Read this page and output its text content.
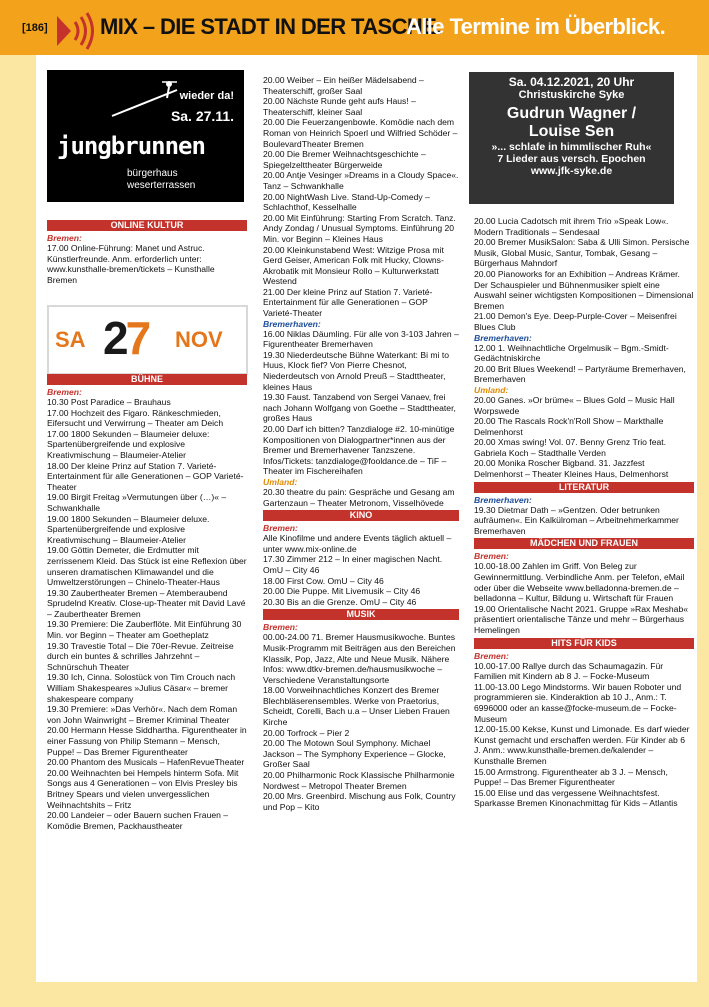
[186] MIX – DIE STADT IN DER TASCHE.
Alle Termine im Überblick.
wieder da!
Sa. 27.11.
jungbrunnen
bürgerhaus
weserterrassen
Sa. 04.12.2021, 20 Uhr
Christuskirche Syke
Gudrun Wagner /
Louise Sen
»... schlafe in himmlischer Ruh«
7 Lieder aus versch. Epochen
www.jfk-syke.de
SA 27 NOV
ONLINE KULTUR
Bremen:

17.00 Online-Führung: Manet und Astruc. Künstlerfreunde. Anm. erforderlich unter: www.kunsthalle-bremen/tickets – Kunsthalle Bremen

BÜHNE
Bremen:

10.30 Post Paradice – Brauhaus

17.00 Hochzeit des Figaro. Ränkeschmieden, Eifersucht und Verwirrung – Theater am Deich

17.00 1800 Sekunden – Blaumeier deluxe: Spartenübergreifende und explosive Kreativmischung – Blaumeier-Atelier

18.00 Der kleine Prinz auf Station 7. Varieté-Entertainment für alle Generationen – GOP Varieté-Theater

19.00 Birgit Freitag »Vermutungen über (…)« – Schwankhalle

19.00 1800 Sekunden – Blaumeier deluxe. Spartenübergreifende und explosive Kreativmischung – Blaumeier-Atelier

19.00 Göttin Demeter, die Erdmutter mit zerrissenem Kleid. Das Stück ist eine Reflexion über unseren dramatischen Klimawandel und die Umweltzerstörungen – Chinelo-Theater-Haus

19.30 Zaubertheater Bremen – Atemberaubend Sprudelnd Kreativ. Close-up-Theater mit David Lavé – Zaubertheater Bremen

19.30 Premiere: Die Zauberflöte. Mit Einführung 30 Min. vor Beginn – Theater am Goetheplatz

19.30 Travestie Total – Die 70er-Revue. Zeitreise durch ein buntes & schrilles Jahrzehnt – Schnürschuh Theater

19.30 Ich, Cinna. Solostück von Tim Crouch nach William Shakespeares »Julius Cäsar« – bremer shakespeare company

19.30 Premiere: »Das Verhör«. Nach dem Roman von John Wainwright – Bremer Kriminal Theater

20.00 Hermann Hesse Siddhartha. Figurentheater in einer Fassung von Philip Stemann – Mensch, Puppe! – Das Bremer Figurentheater

20.00 Phantom des Musicals – HafenRevueTheater

20.00 Weihnachten bei Hempels hinterm Sofa. Mit Songs aus 4 Generationen – von Elvis Presley bis Britney Spears und vielen unvergesslichen Weihnachtshits – Fritz

20.00 Landeier – oder Bauern suchen Frauen – Komödie Bremen, Packhaustheater

20.00 Weiber – Ein heißer Mädelsabend – Theaterschiff, großer Saal

20.00 Nächste Runde geht aufs Haus! – Theaterschiff, kleiner Saal

20.00 Die Feuerzangenbowle. Komödie nach dem Roman von Heinrich Spoerl und Wilfried Schöder – BoulevardTheater Bremen

20.00 Die Bremer Weihnachtsgeschichte – Spiegelzelttheater Bürgerweide

20.00 Antje Vesinger »Dreams in a Cloudy Space«. Tanz – Schwankhalle

20.00 NightWash Live. Stand-Up-Comedy – Schlachthof, Kesselhalle

20.00 Mit Einführung: Starting From Scratch. Tanz. Andy Zondag / Unusual Symptoms. Einführung 20 Min. vor Beginn – Kleines Haus

20.00 Kleinkunstabend West: Witzige Prosa mit Gerd Geiser, American Folk mit Hucky, Clowns-Akrobatik mit Monsieur Rollo – Kulturwerkstatt Westend

21.00 Der kleine Prinz auf Station 7. Varieté-Entertainment für alle Generationen – GOP Varieté-Theater

Bremerhaven:

16.00 Niklas Däumling. Für alle von 3-103 Jahren – Figurentheater Bremerhaven

19.30 Niederdeutsche Bühne Waterkant: Bi mi to Huus, Klock fief? Von Pierre Chesnot, Niederdeutsch von Arnold Preuß – Stadttheater, kleines Haus

19.30 Faust. Tanzabend von Sergei Vanaev, frei nach Johann Wolfgang von Goethe – Stadttheater, großes Haus

20.00 Darf ich bitten? Tanzdialoge #2. 10-minütige Kompositionen von Dialogpartner*innen aus der Bremer und Bremerhavener Tanzszene. Infos/Tickets: tanzdialoge@fooldance.de – TiF – Theater im Fischereihafen

Umland:

20.30 theatre du pain: Gespräche und Gesang am Gartenzaun – Theater Metronom, Visselhövede

KINO
Bremen:

Alle Kinofilme und andere Events täglich aktuell – unter www.mix-online.de

17.30 Zimmer 212 – In einer magischen Nacht. OmU – City 46

18.00 First Cow. OmU – City 46

20.00 Die Puppe. Mit Livemusik – City 46

20.30 Bis an die Grenze. OmU – City 46

MUSIK
Bremen:

00.00-24.00 71. Bremer Hausmusikwoche. Buntes Musik-Programm mit Beiträgen aus den Bereichen Klassik, Pop, Jazz, Alte und Neue Musik. Nähere Infos: www.dtkv-bremen.de/hausmusikwoche – Verschiedene Veranstaltungsorte

18.00 Vorweihnachtliches Konzert des Bremer Blechbläserensembles. Werke von Praetorius, Scheidt, Corelli, Bach u.a – Unser Lieben Frauen Kirche

20.00 Torfrock – Pier 2

20.00 The Motown Soul Symphony. Michael Jackson – The Symphony Experience – Glocke, Großer Saal

20.00 Philharmonic Rock Klassische Philharmonie Nordwest – Metropol Theater Bremen

20.00 Mrs. Greenbird. Mischung aus Folk, Country und Pop – Kito

20.00 Lucia Cadotsch mit ihrem Trio »Speak Low«. Modern Traditionals – Sendesaal

20.00 Bremer MusikSalon: Saba & Ulli Simon. Persische Musik, Global Music, Santur, Tombak, Gesang – Bürgerhaus Mahndorf

20.00 Pianoworks for an Exhibition – Andreas Krämer. Der Schauspieler und Bühnenmusiker spielt eine Auswahl seiner wichtigsten Kompositionen – Dimensional Bremen

21.00 Demon's Eye. Deep-Purple-Cover – Meisenfrei Blues Club

Bremerhaven:

12.00 1. Weihnachtliche Orgelmusik – Bgm.-Smidt-Gedächtniskirche

20.00 Brit Blues Weekend! – Partyräume Bremerhaven, Bremerhaven

Umland:

20.00 Ganes. »Or brüme« – Blues Gold – Music Hall Worpswede

20.00 The Rascals Rock'n'Roll Show – Markthalle Delmenhorst

20.00 Xmas swing! Vol. 07. Benny Grenz Trio feat. Gabriela Koch – Stadthalle Verden

20.00 Monika Roscher Bigband. 31. Jazzfest Delmenhorst – Theater Kleines Haus, Delmenhorst

LITERATUR
Bremerhaven:

19.30 Dietmar Dath – »Gentzen. Oder betrunken aufräumen«. Ein Kalkülroman – Arbeitnehmerkammer Bremerhaven

MÄDCHEN UND FRAUEN
Bremen:

10.00-18.00 Zahlen im Griff. Von Beleg zur Gewinnermittlung. Verbindliche Anm. per Telefon, eMail oder über die Webseite www.belladonna-bremen.de – belladonna – Kultur, Bildung u. Wirtschaft für Frauen

19.00 Orientalische Nacht 2021. Gruppe »Rax Meshab« präsentiert orientalische Tänze und mehr – Bürgerhaus Hemelingen

HITS FÜR KIDS
Bremen:

10.00-17.00 Rallye durch das Schaumagazin. Für Familien mit Kindern ab 8 J. – Focke-Museum

11.00-13.00 Lego Mindstorms. Wir bauen Roboter und programmieren sie. Kinderaktion ab 10 J., Anm.: T. 6996000 oder an kasse@focke-museum.de – Focke-Museum

12.00-15.00 Kekse, Kunst und Limonade. Es darf wieder Kunst gemacht und erschaffen werden. Für Kinder ab 6 J. Anm.: www.kunsthalle-bremen.de/kalender – Kunsthalle Bremen

15.00 Armstrong. Figurentheater ab 3 J. – Mensch, Puppe! – Das Bremer Figurentheater

15.00 Elise und das vergessene Weihnachtsfest. Sparkasse Bremen Kinonachmittag für Kids – Atlantis
